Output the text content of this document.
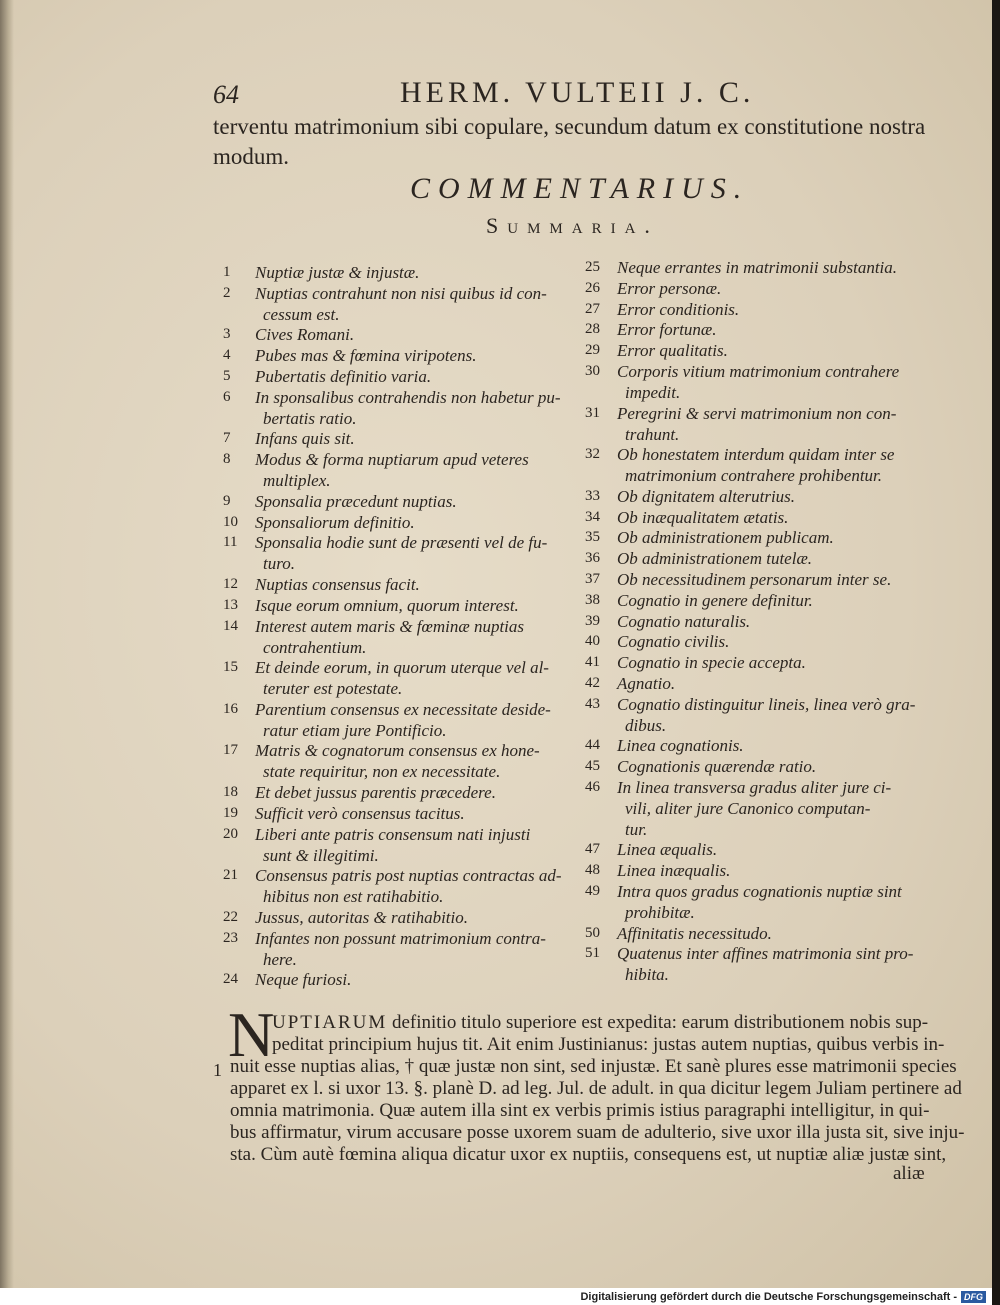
64	HERM. VULTEII J. C.
terventu matrimonium sibi copulare, secundum datum ex constitutione nostra
modum.
COMMENTARIUS.
Summaria.
1 Nuptiæ justæ & injustæ.
2 Nuptias contrahunt non nisi quibus id con-
cessum est.
3 Cives Romani.
4 Pubes mas & fœmina viripotens.
5 Pubertatis definitio varia.
6 In sponsalibus contrahendis non habetur pu-
bertatis ratio.
7 Infans quis sit.
8 Modus & forma nuptiarum apud veteres
multiplex.
9 Sponsalia præcedunt nuptias.
10 Sponsaliorum definitio.
11 Sponsalia hodie sunt de præsenti vel de fu-
turo.
12 Nuptias consensus facit.
13 Isque eorum omnium, quorum interest.
14 Interest autem maris & fœminæ nuptias
contrahentium.
15 Et deinde eorum, in quorum uterque vel al-
teruter est potestate.
16 Parentium consensus ex necessitate deside-
ratur etiam jure Pontificio.
17 Matris & cognatorum consensus ex hone-
state requiritur, non ex necessitate.
18 Et debet jussus parentis præcedere.
19 Sufficit verò consensus tacitus.
20 Liberi ante patris consensum nati injusti
sunt & illegitimi.
21 Consensus patris post nuptias contractas ad-
hibitus non est ratihabitio.
22 Jussus, autoritas & ratihabitio.
23 Infantes non possunt matrimonium contra-
here.
24 Neque furiosi.
25 Neque errantes in matrimonii substantia.
26 Error personæ.
27 Error conditionis.
28 Error fortunæ.
29 Error qualitatis.
30 Corporis vitium matrimonium contrahere
impedit.
31 Peregrini & servi matrimonium non con-
trahunt.
32 Ob honestatem interdum quidam inter se
matrimonium contrahere prohibentur.
33 Ob dignitatem alterutrius.
34 Ob inæqualitatem ætatis.
35 Ob administrationem publicam.
36 Ob administrationem tutelæ.
37 Ob necessitudinem personarum inter se.
38 Cognatio in genere definitur.
39 Cognatio naturalis.
40 Cognatio civilis.
41 Cognatio in specie accepta.
42 Agnatio.
43 Cognatio distinguitur lineis, linea verò gra-
dibus.
44 Linea cognationis.
45 Cognationis quærendæ ratio.
46 In linea transversa gradus aliter jure ci-
vili, aliter jure Canonico computan-
tur.
47 Linea æqualis.
48 Linea inæqualis.
49 Intra quos gradus cognationis nuptiæ sint
prohibitæ.
50 Affinitatis necessitudo.
51 Quatenus inter affines matrimonia sint pro-
hibita.
N
UPTIARUM definitio titulo superiore est expedita: earum distributionem nobis sup-
peditat principium hujus tit. Ait enim Justinianus: justas autem nuptias, quibus verbis in-
nuit esse nuptias alias, † quæ justæ non sint, sed injustæ. Et sanè plures esse matrimonii species
apparet ex l. si uxor 13. §. planè D. ad leg. Jul. de adult. in qua dicitur legem Juliam pertinere ad
omnia matrimonia. Quæ autem illa sint ex verbis primis istius paragraphi intelligitur, in qui-
bus affirmatur, virum accusare posse uxorem suam de adulterio, sive uxor illa justa sit, sive inju-
sta. Cùm autè fœmina aliqua dicatur uxor ex nuptiis, consequens est, ut nuptiæ aliæ justæ sint,
1
aliæ
Digitalisierung gefördert durch die Deutsche Forschungsgemeinschaft - DFG
